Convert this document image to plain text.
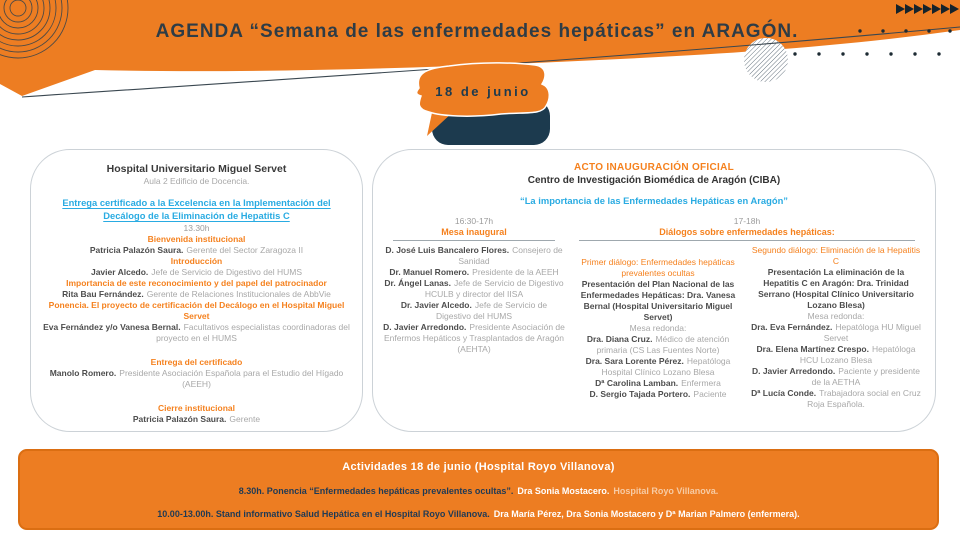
AGENDA “Semana de las enfermedades hepáticas” en ARAGÓN.
18 de junio
Hospital Universitario Miguel Servet
Aula 2 Edificio de Docencia.
Entrega certificado a la Excelencia en la Implementación del Decálogo de la Eliminación de Hepatitis C
13.30h
Bienvenida institucional
Patricia Palazón Saura. Gerente del Sector Zaragoza II
Introducción
Javier Alcedo. Jefe de Servicio de Digestivo del HUMS
Importancia de este reconocimiento y del papel del patrocinador
Rita Bau Fernández. Gerente de Relaciones Institucionales de AbbVie
Ponencia. El proyecto de certificación del Decálogo en el Hospital Miguel Servet
Eva Fernández y/o Vanesa Bernal. Facultativos especialistas coordinadoras del proyecto en el HUMS
Entrega del certificado
Manolo Romero. Presidente Asociación Española para el Estudio del Hígado (AEEH)
Cierre institucional
Patricia Palazón Saura. Gerente
ACTO INAUGURACIÓN OFICIAL
Centro de Investigación Biomédica de Aragón (CIBA)
“La importancia de las Enfermedades Hepáticas en Aragón”
16:30-17h
Mesa inaugural
D. José Luis Bancalero Flores. Consejero de Sanidad
Dr. Manuel Romero. Presidente de la AEEH
Dr. Ángel Lanas. Jefe de Servicio de Digestivo HCULB y director del IISA
Dr. Javier Alcedo. Jefe de Servicio de Digestivo del HUMS
D. Javier Arredondo. Presidente Asociación de Enfermos Hepáticos y Trasplantados de Aragón (AEHTA)
17-18h
Diálogos sobre enfermedades hepáticas:
Primer diálogo: Enfermedades hepáticas prevalentes ocultas
Presentación del Plan Nacional de las Enfermedades Hepáticas: Dra. Vanesa Bernal (Hospital Universitario Miguel Servet)
Mesa redonda:
Dra. Diana Cruz. Médico de atención primaria (CS Las Fuentes Norte)
Dra. Sara Lorente Pérez. Hepatóloga Hospital Clínico Lozano Blesa
Dª Carolina Lamban. Enfermera
D. Sergio Tajada Portero. Paciente
Segundo diálogo: Eliminación de la Hepatitis C
Presentación La eliminación de la Hepatitis C en Aragón: Dra. Trinidad Serrano (Hospital Clínico Universitario Lozano Blesa)
Mesa redonda:
Dra. Eva Fernández. Hepatóloga HU Miguel Servet
Dra. Elena Martínez Crespo. Hepatóloga HCU Lozano Blesa
D. Javier Arredondo. Paciente y presidente de la AETHA
Dª Lucía Conde. Trabajadora social en Cruz Roja Española.
Actividades 18 de junio (Hospital Royo Villanova)
8.30h. Ponencia “Enfermedades hepáticas prevalentes ocultas”. Dra Sonia Mostacero. Hospital Royo Villanova.
10.00-13.00h. Stand informativo Salud Hepática en el Hospital Royo Villanova. Dra María Pérez, Dra Sonia Mostacero y Dª Marian Palmero (enfermera).
